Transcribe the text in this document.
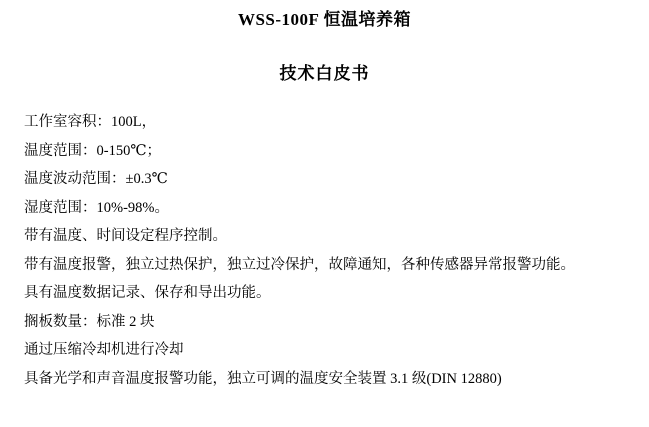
WSS-100F 恒温培养箱
技术白皮书

工作室容积：100L，

温度范围：0-150℃；

温度波动范围：±0.3℃

湿度范围：10%-98%。

带有温度、时间设定程序控制。

带有温度报警，独立过热保护，独立过冷保护，故障通知，各种传感器异常报警功能。

具有温度数据记录、保存和导出功能。

搁板数量：标准 2 块

通过压缩冷却机进行冷却

具备光学和声音温度报警功能，独立可调的温度安全装置 3.1 级(DIN 12880)
